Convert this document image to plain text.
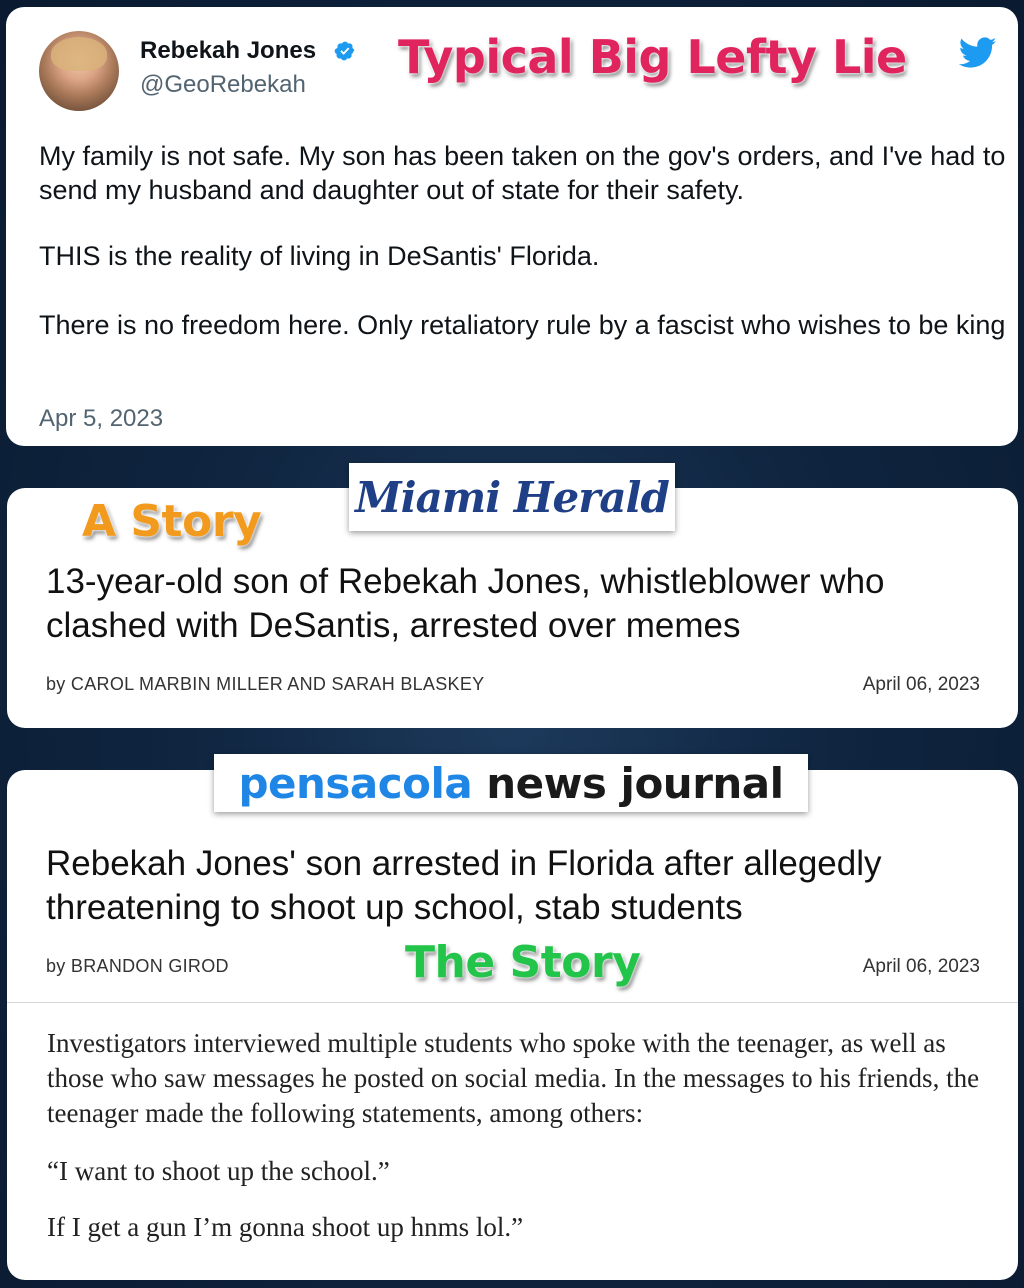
Rebekah Jones
@GeoRebekah

My family is not safe. My son has been taken on the gov's orders, and I've had to send my husband and daughter out of state for their safety.

THIS is the reality of living in DeSantis' Florida.

There is no freedom here. Only retaliatory rule by a fascist who wishes to be king

Apr 5, 2023

13-year-old son of Rebekah Jones, whistleblower who clashed with DeSantis, arrested over memes

by CAROL MARBIN MILLER AND SARAH BLASKEY	April 06, 2023

Rebekah Jones' son arrested in Florida after allegedly threatening to shoot up school, stab students

by BRANDON GIROD	April 06, 2023

Investigators interviewed multiple students who spoke with the teenager, as well as those who saw messages he posted on social media. In the messages to his friends, the teenager made the following statements, among others:

“I want to shoot up the school.”

If I get a gun I’m gonna shoot up hnms lol.”

Miami Herald
pensacola news journal
Typical Big Lefty Lie
A Story
The Story
